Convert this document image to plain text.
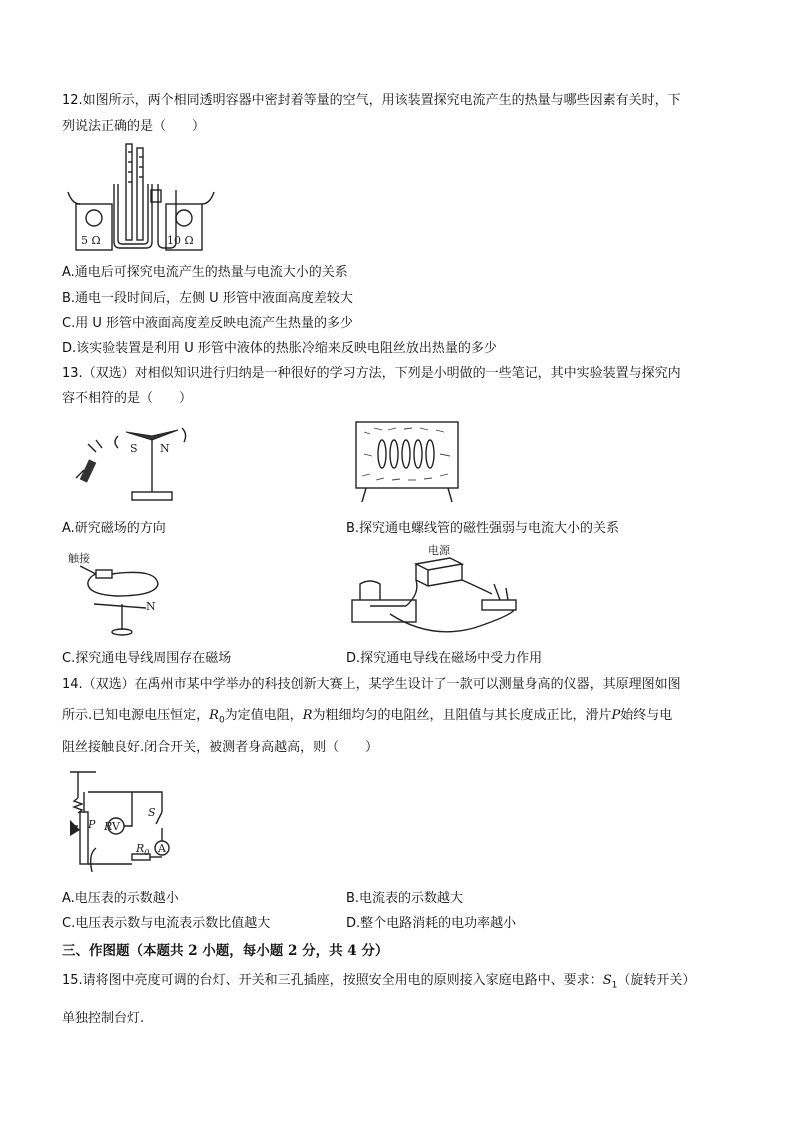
12.如图所示，两个相同透明容器中密封着等量的空气，用该装置探究电流产生的热量与哪些因素有关时，下
列说法正确的是（　　）
5 Ω	10 Ω
A.通电后可探究电流产生的热量与电流大小的关系
B.通电一段时间后，左侧 U 形管中液面高度差较大
C.用 U 形管中液面高度差反映电流产生热量的多少
D.该实验装置是利用 U 形管中液体的热胀冷缩来反映电阻丝放出热量的多少
13.（双选）对相似知识进行归纳是一种很好的学习方法，下列是小明做的一些笔记，其中实验装置与探究内
容不相符的是（　　）
S N
A.研究磁场的方向	B.探究通电螺线管的磁性强弱与电流大小的关系
触接
N
电源
C.探究通电导线周围存在磁场	D.探究通电导线在磁场中受力作用
14.（双选）在禹州市某中学举办的科技创新大赛上，某学生设计了一款可以测量身高的仪器，其原理图如图
所示.已知电源电压恒定，$R_0$为定值电阻，R为粗细均匀的电阻丝，且阻值与其长度成正比，滑片P始终与电
阻丝接触良好.闭合开关，被测者身高越高，则（　　）
P R V
$R_0$ A
S
A.电压表的示数越小	B.电流表的示数越大
C.电压表示数与电流表示数比值越大	D.整个电路消耗的电功率越小
三、作图题（本题共 2 小题，每小题 2 分，共 4 分）
15.请将图中亮度可调的台灯、开关和三孔插座，按照安全用电的原则接入家庭电路中、要求：$S_1$（旋转开关）
单独控制台灯.
